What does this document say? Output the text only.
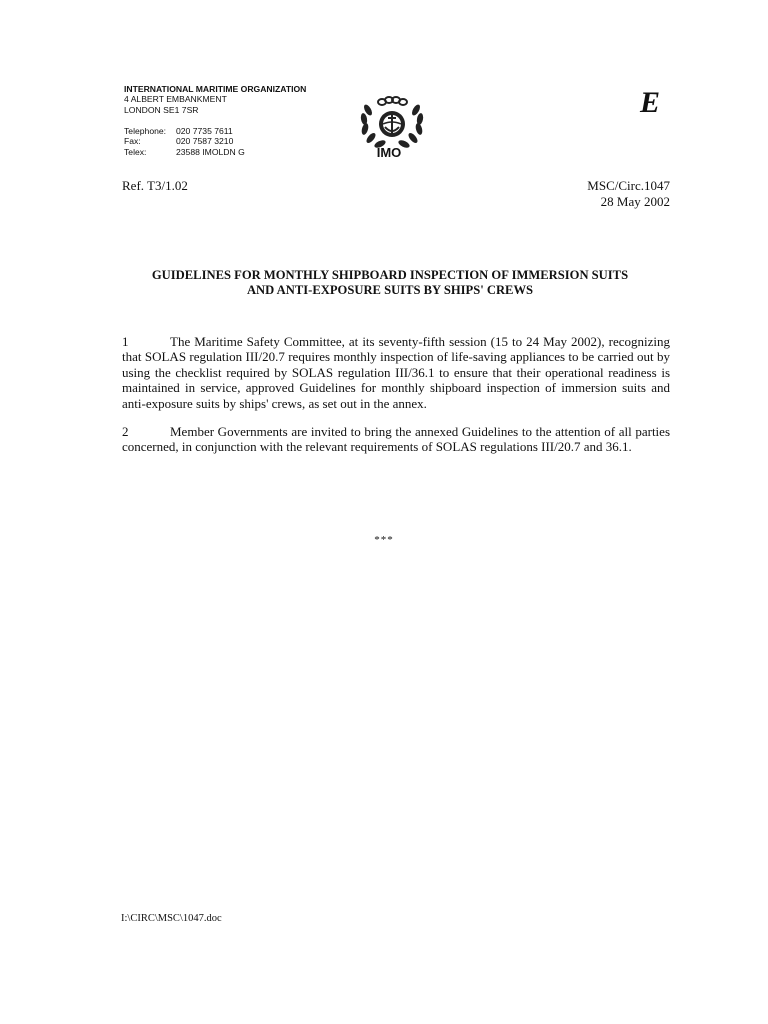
INTERNATIONAL MARITIME ORGANIZATION
4 ALBERT EMBANKMENT
LONDON SE1 7SR
Telephone:	020 7735 7611
Fax:	020 7587 3210
Telex:	23588 IMOLDN G	IMO
E
Ref. T3/1.02	MSC/Circ.1047
28 May 2002
GUIDELINES FOR MONTHLY SHIPBOARD INSPECTION OF IMMERSION SUITS
AND ANTI-EXPOSURE SUITS BY SHIPS' CREWS
1	The Maritime Safety Committee, at its seventy-fifth session (15 to 24 May 2002), recognizing that SOLAS regulation III/20.7 requires monthly inspection of life-saving appliances to be carried out by using the checklist required by SOLAS regulation III/36.1 to ensure that their operational readiness is maintained in service, approved Guidelines for monthly shipboard inspection of immersion suits and anti-exposure suits by ships' crews, as set out in the annex.
2	Member Governments are invited to bring the annexed Guidelines to the attention of all parties concerned, in conjunction with the relevant requirements of SOLAS regulations III/20.7 and 36.1.
***
I:\CIRC\MSC\1047.doc
